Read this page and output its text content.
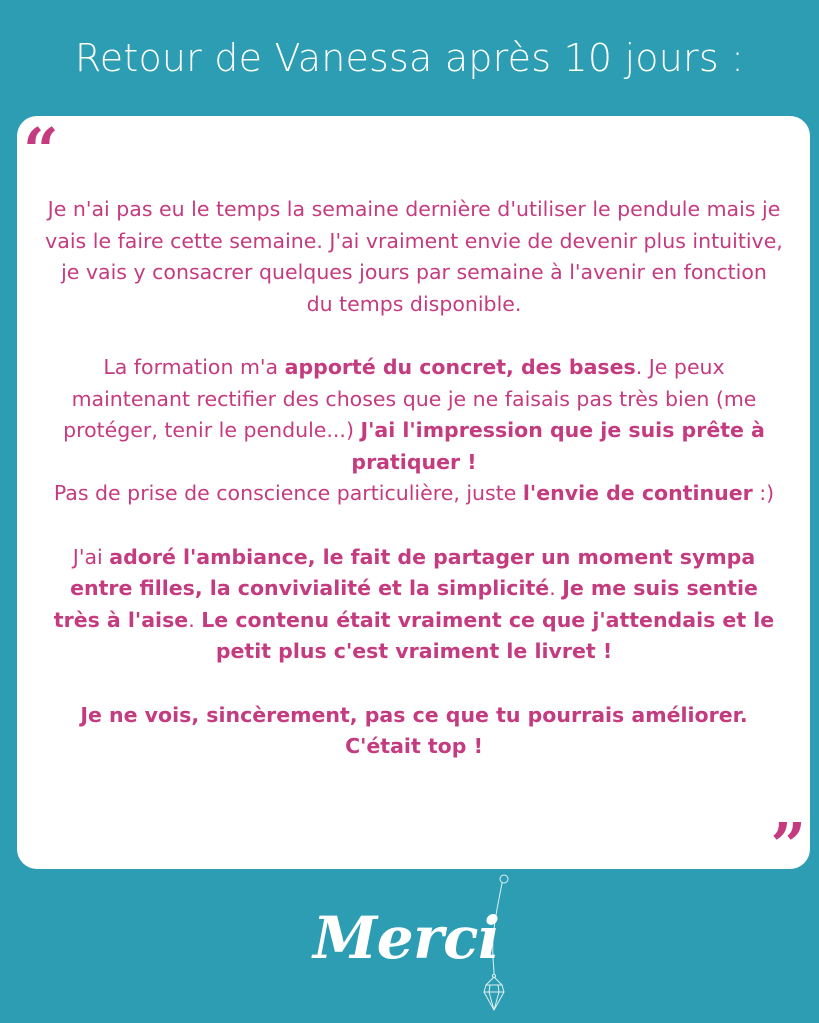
Retour de Vanessa après 10 jours :
“

Je n'ai pas eu le temps la semaine dernière d'utiliser le pendule mais je vais le faire cette semaine. J'ai vraiment envie de devenir plus intuitive, je vais y consacrer quelques jours par semaine à l'avenir en fonction du temps disponible.

La formation m'a apporté du concret, des bases. Je peux maintenant rectifier des choses que je ne faisais pas très bien (me protéger, tenir le pendule...) J'ai l'impression que je suis prête à pratiquer !

Pas de prise de conscience particulière, juste l'envie de continuer :)

J'ai adoré l'ambiance, le fait de partager un moment sympa entre filles, la convivialité et la simplicité. Je me suis sentie très à l'aise. Le contenu était vraiment ce que j'attendais et le petit plus c'est vraiment le livret !

Je ne vois, sincèrement, pas ce que tu pourrais améliorer. C'était top !

”
Merci
